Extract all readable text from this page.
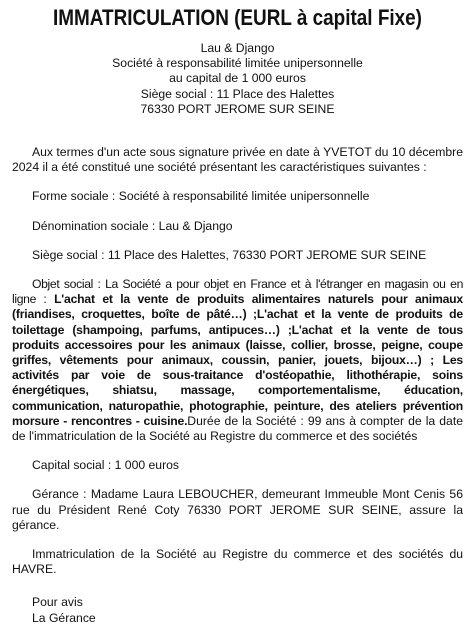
IMMATRICULATION (EURL à capital Fixe)
Lau & Django
Société à responsabilité limitée unipersonnelle
au capital de 1 000 euros
Siège social : 11 Place des Halettes
76330 PORT JEROME SUR SEINE

Aux termes d'un acte sous signature privée en date à YVETOT du 10 décembre 2024 il a été constitué une société présentant les caractéristiques suivantes :

Forme sociale : Société à responsabilité limitée unipersonnelle

Dénomination sociale : Lau & Django

Siège social : 11 Place des Halettes, 76330 PORT JEROME SUR SEINE

Objet social : La Société a pour objet en France et à l'étranger en magasin ou en ligne : L'achat et la vente de produits alimentaires naturels pour animaux (friandises, croquettes, boîte de pâté…) ;L'achat et la vente de produits de toilettage (shampoing, parfums, antipuces…) ;L'achat et la vente de tous produits accessoires pour les animaux (laisse, collier, brosse, peigne, coupe griffes, vêtements pour animaux, coussin, panier, jouets, bijoux…) ; Les activités par voie de sous-traitance d'ostéopathie, lithothérapie, soins énergétiques, shiatsu, massage, comportementalisme, éducation, communication, naturopathie, photographie, peinture, des ateliers prévention morsure - rencontres - cuisine.Durée de la Société : 99 ans à compter de la date de l'immatriculation de la Société au Registre du commerce et des sociétés

Capital social : 1 000 euros

Gérance : Madame Laura LEBOUCHER, demeurant Immeuble Mont Cenis 56 rue du Président René Coty 76330 PORT JEROME SUR SEINE, assure la gérance.

Immatriculation de la Société au Registre du commerce et des sociétés du HAVRE.

Pour avis
La Gérance
